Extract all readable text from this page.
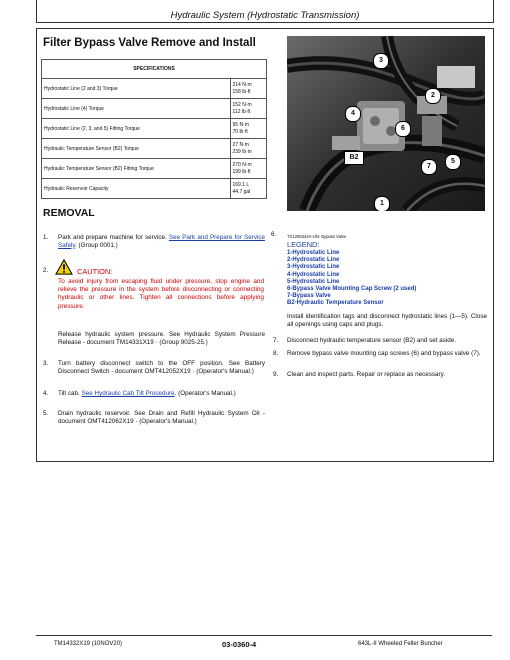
Hydraulic System (Hydrostatic Transmission)
Filter Bypass Valve Remove and Install
SPECIFICATIONS	
Hydrostatic Line (2 and 3) Torque	214 N·m
158 lb·ft
Hydrostatic Line (4) Torque	152 N·m
112 lb·ft
Hydrostatic Line (2, 3, and 5) Fitting Torque	95 N·m
70 lb·ft
Hydraulic Temperature Sensor (B2) Torque	27 N·m
239 lb·in
Hydraulic Temperature Sensor (B2) Fitting Torque	270 N·m
199 lb·ft
Hydraulic Reservoir Capacity	169.1 L
44.7 gal
REMOVAL
1. Park and prepare machine for service. See Park and Prepare for Service Safely. (Group 0001.)
2.	CAUTION:
To avoid injury from escaping fluid under pressure, stop engine and relieve the pressure in the system before disconnecting or connecting hydraulic or other lines. Tighten all connections before applying pressure.
Release hydraulic system pressure. See Hydraulic System Pressure Release - document TM14331X19 · (Group 9025-25.)
3. Turn battery disconnect switch to the OFF position. See Battery Disconnect Switch - document OMT412052X19 · (Operator's Manual.)
4. Tilt cab. See Hydraulic Cab Tilt Procedure. (Operator's Manual.)
5. Drain hydraulic reservoir. See Drain and Refill Hydraulic System Oil - document OMT412062X19 · (Operator's Manual.)
3
2
4
6
B2
7
5
1
6.	TX1285344A-UN: Bypass Valve
LEGEND:
1-Hydrostatic Line
2-Hydrostatic Line
3-Hydrostatic Line
4-Hydrostatic Line
5-Hydrostatic Line
6-Bypass Valve Mounting Cap Screw (2 used)
7-Bypass Valve
B2-Hydraulic Temperature Sensor
Install identification tags and disconnect hydrostatic lines (1—5). Close all openings using caps and plugs.
7. Disconnect hydraulic temperature sensor (B2) and set aside.
8. Remove bypass valve mounting cap screws (6) and bypass valve (7).
9. Clean and inspect parts. Repair or replace as necessary.
TM14332X19 (10NOV20)	03-0360-4	643L-II Wheeled Feller Buncher
